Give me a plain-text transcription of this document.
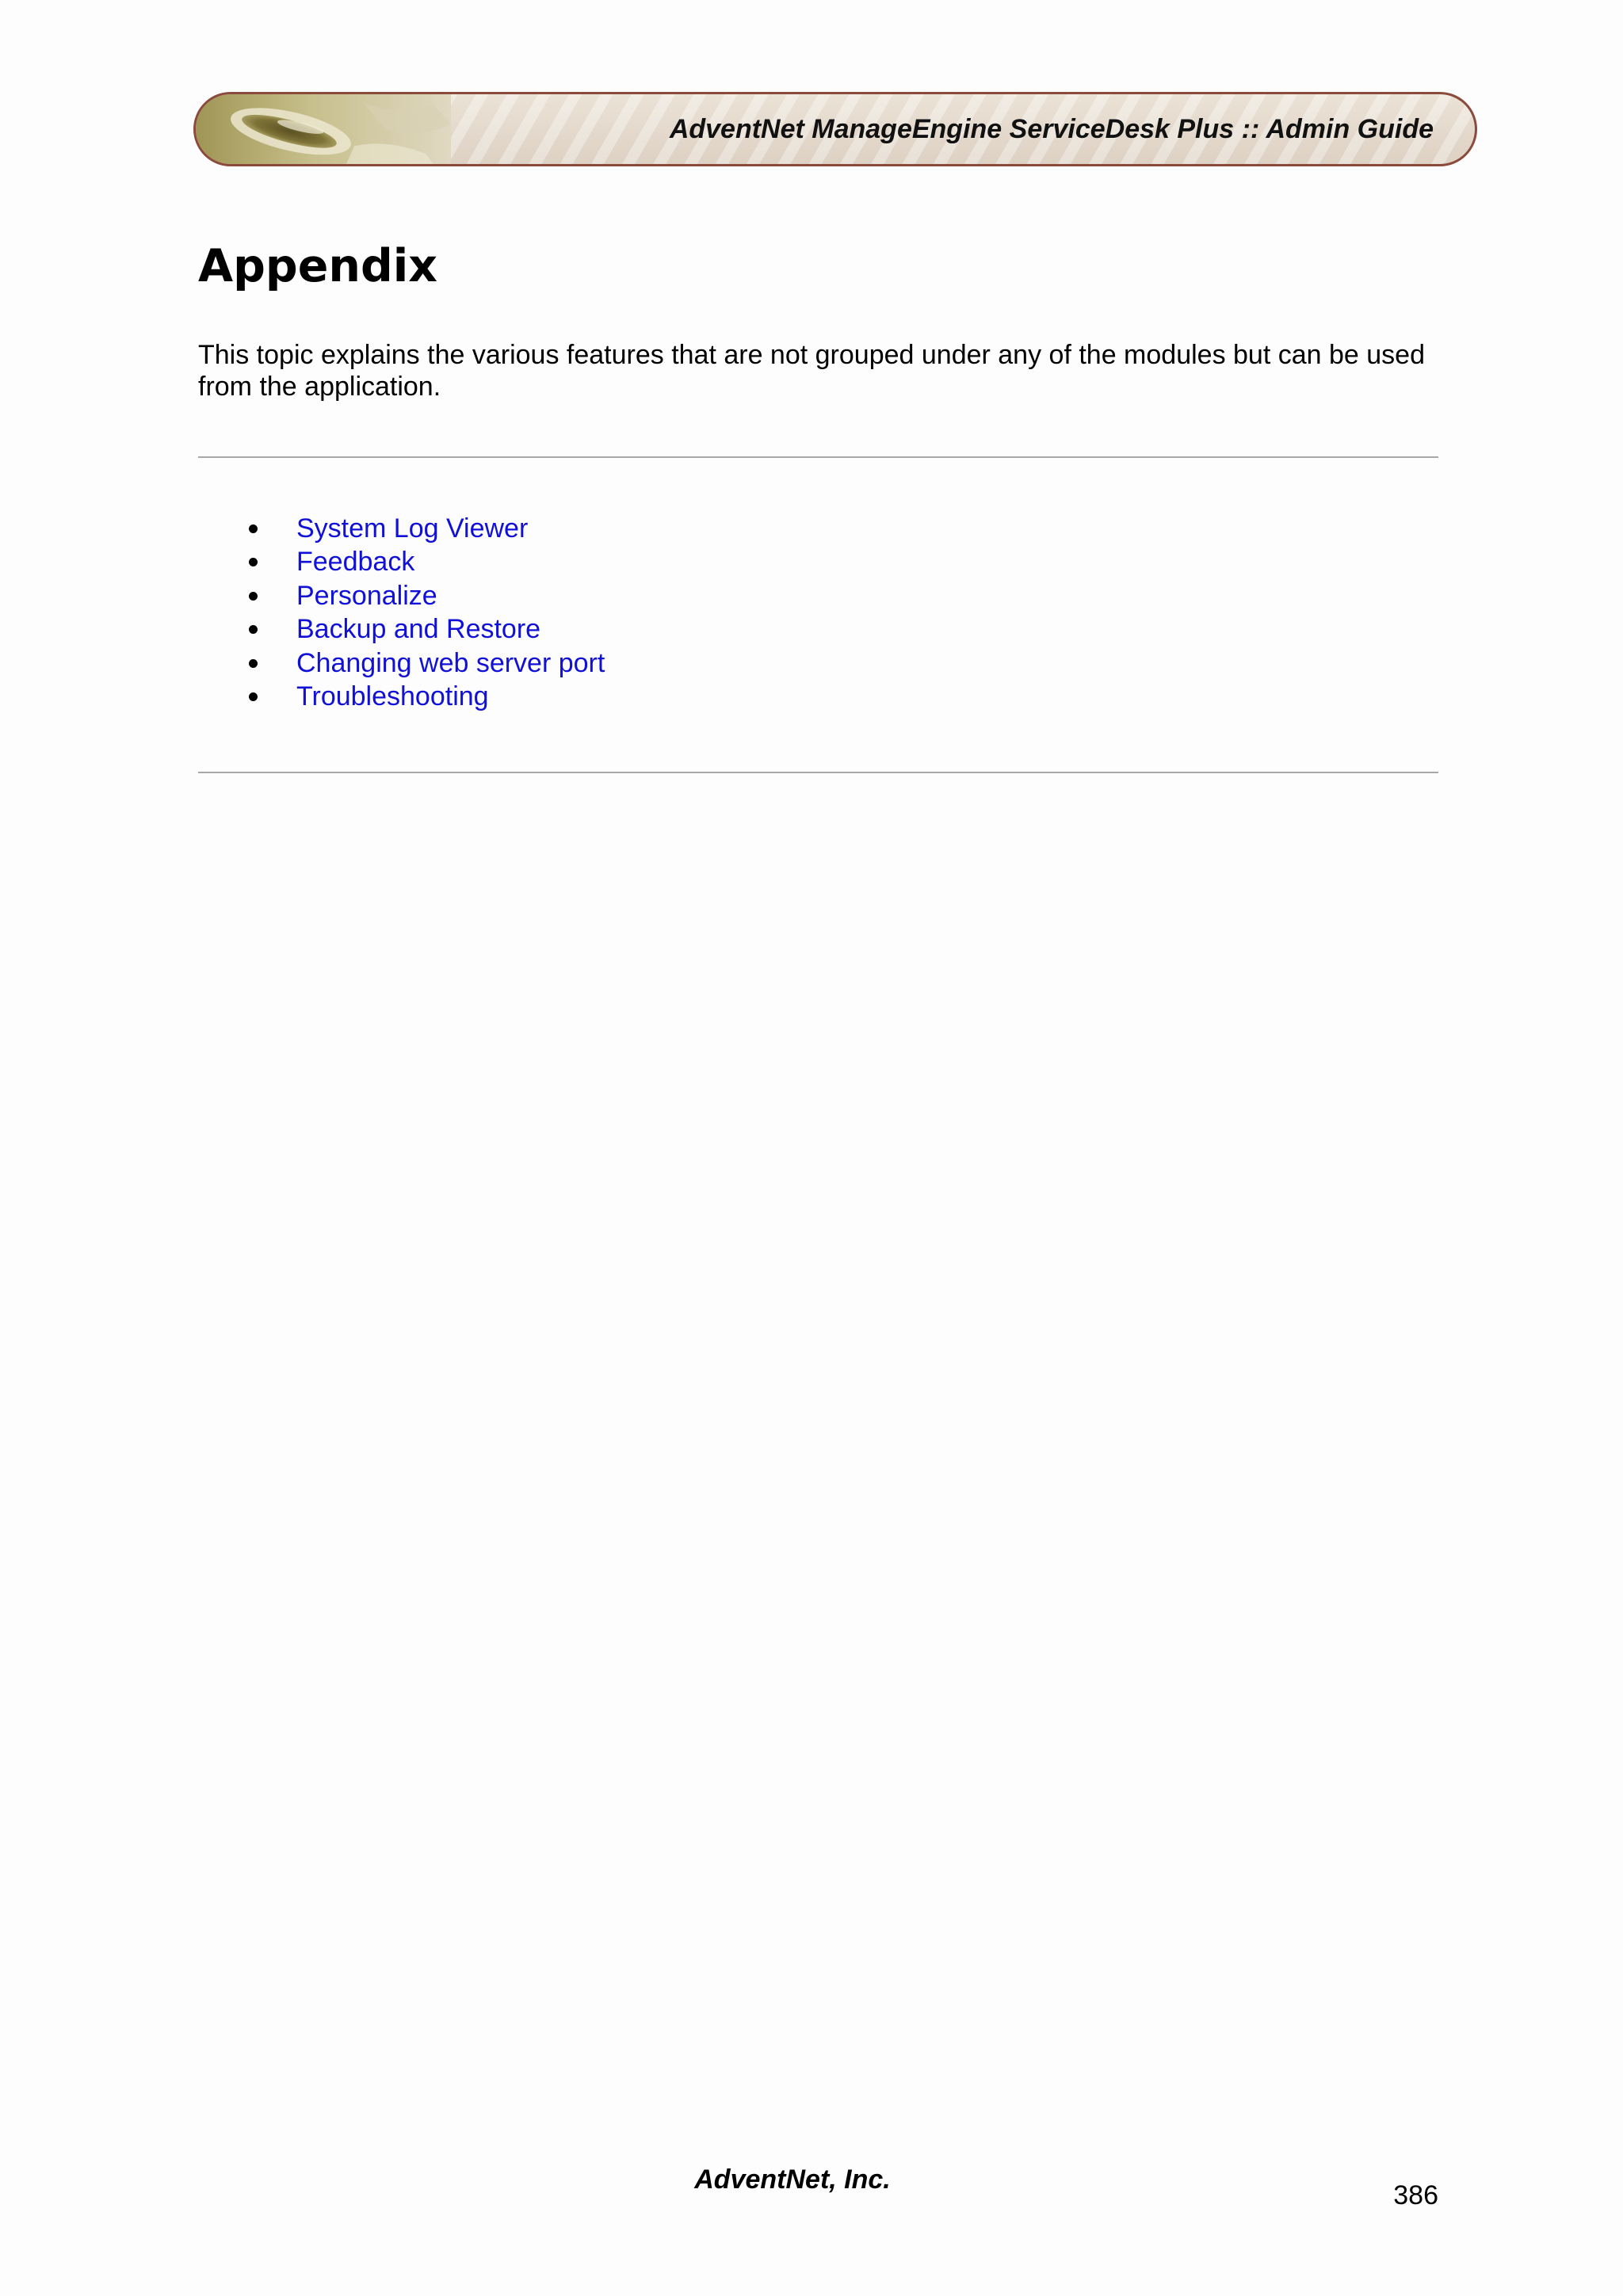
AdventNet ManageEngine ServiceDesk Plus :: Admin Guide
Appendix

This topic explains the various features that are not grouped under any of the modules but can be used from the application.

System Log Viewer
Feedback
Personalize
Backup and Restore
Changing web server port
Troubleshooting
AdventNet, Inc.
386
